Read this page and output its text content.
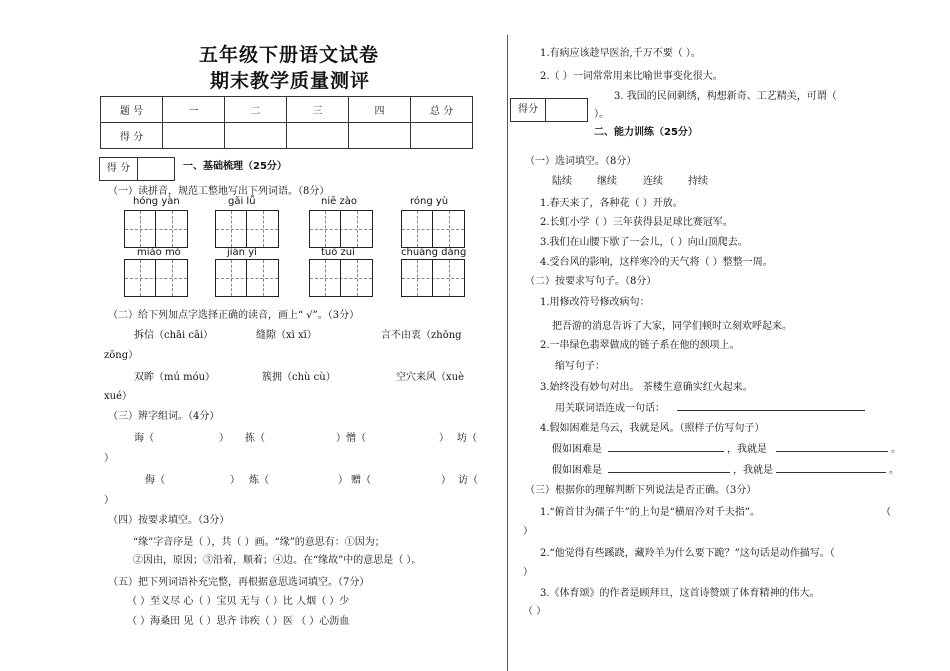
五年级下册语文试卷
期末教学质量测评
题 号	一	二	三	四	总 分
得 分					
得 分	一、基础梳理（25分）
（一）读拼音，规范工整地写出下列词语。（8分）
hóng yàn	gǎi lǚ	niē zào	róng yù
miáo mó	jiān yì	tuō zuì	chuàng dàng
（二）给下列加点字选择正确的读音，画上“ √”。（3分）
拆信（chāi cāi）	缝隙（xì xī）	言不由衷（zhōng
zōng）
双眸（mú móu）	簇拥（chù cù）	空穴来风（xuè
xué）
（三）辨字组词。（4分）
诲（	） 拣（	） 憎（	） 坊（
）
侮（	） 炼（	） 赠（	） 访（
）
（四）按要求填空。（3分）
“缘”字音序是（ ），共（ ）画。“缘”的意思有：①因为；
②因由，原因；③沿着，顺着；④边。在“缘故”中的意思是（ ）。
（五）把下列词语补充完整，再根据意思选词填空。（7分）
（ ）至义尽 心（ ）宝贝 无与（ ）比 人烟（ ）少
（ ）海桑田 见（ ）思齐 讳疾（ ）医 （ ）心沥血
1.有病应该趁早医治,千万不要（ ）。
2.（ ）一词常常用来比喻世事变化很大。
得分
3. 我国的民间刺绣，构想新奇、工艺精美，可谓（
）。
二、能力训练（25分）
（一）选词填空。（8分）
陆续	继续	连续	持续
1.春天来了，各种花（ ）开放。
2.长虹小学（ ）三年获得县足球比赛冠军。
3.我们在山腰下歇了一会儿，（ ）向山顶爬去。
4.受台风的影响，这样寒冷的天气将（ ）整整一周。
（二）按要求写句子。（8分）
1.用修改符号修改病句：
把吾游的消息告诉了大家，同学们顿时立刻欢呼起来。
2.一串绿色翡翠做成的链子系在他的颈项上。
缩写句子：
3.始终没有妙句对出。 茶楼生意确实红火起来。
用关联词语连成一句话：
4.假如困难是乌云，我就是风。（照样子仿写句子）
假如困难是	，我就是	。
假如困难是	，我就是	。
（三）根据你的理解判断下列说法是否正确。（3分）
1.“俯首甘为孺子牛”的上句是“横眉冷对千夫指”。	（
）
2.“他觉得有些蹊跷，藏羚羊为什么要下跪？”这句话是动作描写。（
）
3.《体育颂》的作者是顾拜旦，这首诗赞颂了体育精神的伟大。
（ ）
